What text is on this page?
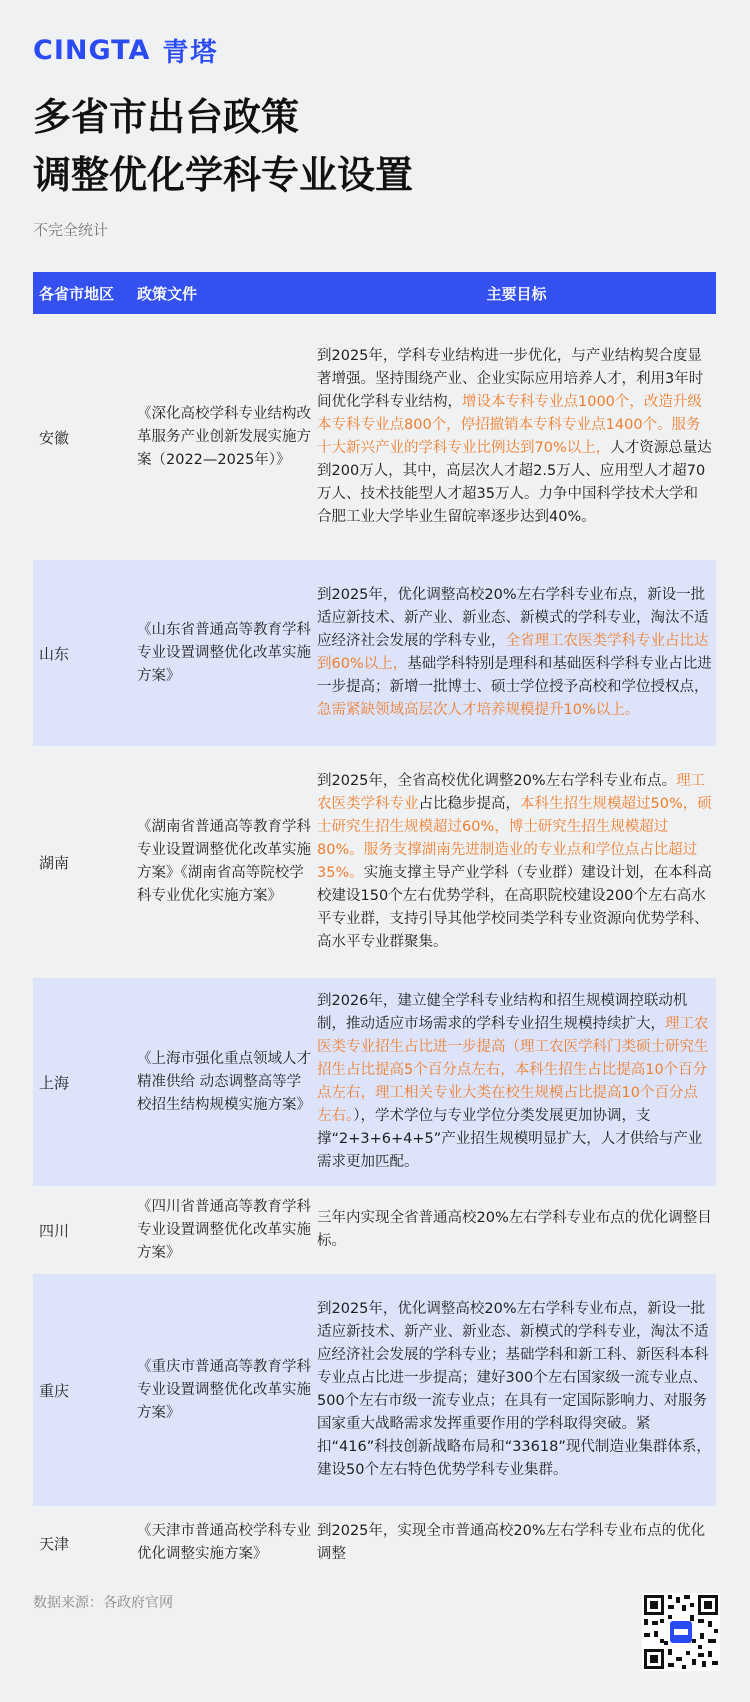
CINGTA 青塔
多省市出台政策
调整优化学科专业设置
不完全统计
各省市地区	政策文件	主要目标
安徽
《深化高校学科专业结构改革服务产业创新发展实施方案（2022—2025年）》
到2025年，学科专业结构进一步优化，与产业结构契合度显著增强。坚持围绕产业、企业实际应用培养人才，利用3年时间优化学科专业结构，增设本专科专业点1000个，改造升级本专科专业点800个，停招撤销本专科专业点1400个。服务十大新兴产业的学科专业比例达到70%以上，人才资源总量达到200万人，其中，高层次人才超2.5万人、应用型人才超70万人、技术技能型人才超35万人。力争中国科学技术大学和合肥工业大学毕业生留皖率逐步达到40%。
山东
《山东省普通高等教育学科专业设置调整优化改革实施方案》
到2025年，优化调整高校20%左右学科专业布点，新设一批适应新技术、新产业、新业态、新模式的学科专业，淘汰不适应经济社会发展的学科专业，全省理工农医类学科专业占比达到60%以上，基础学科特别是理科和基础医科学科专业占比进一步提高；新增一批博士、硕士学位授予高校和学位授权点，急需紧缺领域高层次人才培养规模提升10%以上。
湖南
《湖南省普通高等教育学科专业设置调整优化改革实施方案》《湖南省高等院校学科专业优化实施方案》
到2025年，全省高校优化调整20%左右学科专业布点。理工农医类学科专业占比稳步提高，本科生招生规模超过50%，硕士研究生招生规模超过60%，博士研究生招生规模超过80%。服务支撑湖南先进制造业的专业点和学位点占比超过35%。实施支撑主导产业学科（专业群）建设计划，在本科高校建设150个左右优势学科，在高职院校建设200个左右高水平专业群，支持引导其他学校同类学科专业资源向优势学科、高水平专业群聚集。
上海
《上海市强化重点领域人才精准供给 动态调整高等学校招生结构规模实施方案》
到2026年，建立健全学科专业结构和招生规模调控联动机制，推动适应市场需求的学科专业招生规模持续扩大，理工农医类专业招生占比进一步提高（理工农医学科门类硕士研究生招生占比提高5个百分点左右，本科生招生占比提高10个百分点左右，理工相关专业大类在校生规模占比提高10个百分点左右。），学术学位与专业学位分类发展更加协调，支撑“2+3+6+4+5”产业招生规模明显扩大，人才供给与产业需求更加匹配。
四川
《四川省普通高等教育学科专业设置调整优化改革实施方案》
三年内实现全省普通高校20%左右学科专业布点的优化调整目标。
重庆
《重庆市普通高等教育学科专业设置调整优化改革实施方案》
到2025年，优化调整高校20%左右学科专业布点，新设一批适应新技术、新产业、新业态、新模式的学科专业，淘汰不适应经济社会发展的学科专业；基础学科和新工科、新医科本科专业点占比进一步提高；建好300个左右国家级一流专业点、500个左右市级一流专业点；在具有一定国际影响力、对服务国家重大战略需求发挥重要作用的学科取得突破。紧扣“416”科技创新战略布局和“33618”现代制造业集群体系，建设50个左右特色优势学科专业集群。
天津
《天津市普通高校学科专业优化调整实施方案》
到2025年，实现全市普通高校20%左右学科专业布点的优化调整
数据来源：各政府官网
